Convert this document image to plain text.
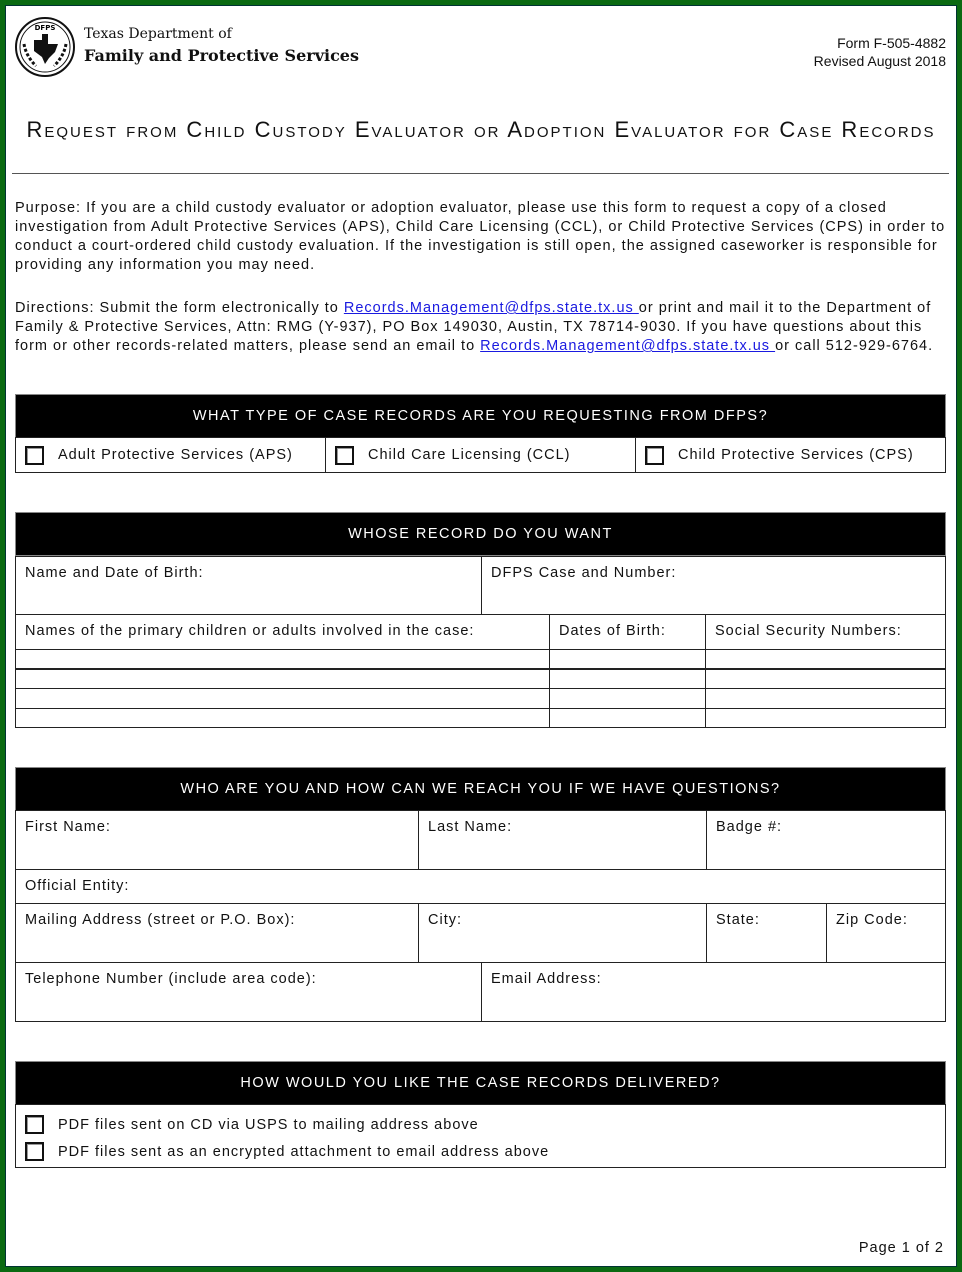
DFPS Texas Department of
Family and Protective Services
Form F-505-4882
Revised August 2018
Request from Child Custody Evaluator or Adoption Evaluator for Case Records
Purpose: If you are a child custody evaluator or adoption evaluator, please use this form to request a copy of a closed investigation from Adult Protective Services (APS), Child Care Licensing (CCL), or Child Protective Services (CPS) in order to conduct a court-ordered child custody evaluation. If the investigation is still open, the assigned caseworker is responsible for providing any information you may need.
Directions: Submit the form electronically to Records.Management@dfps.state.tx.us or print and mail it to the Department of Family & Protective Services, Attn: RMG (Y-937), PO Box 149030, Austin, TX 78714-9030. If you have questions about this form or other records-related matters, please send an email to Records.Management@dfps.state.tx.us or call 512-929-6764.
WHAT TYPE OF CASE RECORDS ARE YOU REQUESTING FROM DFPS?
Adult Protective Services (APS)	Child Care Licensing (CCL)	Child Protective Services (CPS)
WHOSE RECORD DO YOU WANT
Name and Date of Birth:	DFPS Case and Number:
Names of the primary children or adults involved in the case:	Dates of Birth:	Social Security Numbers:
WHO ARE YOU AND HOW CAN WE REACH YOU IF WE HAVE QUESTIONS?
First Name:	Last Name:	Badge #:
Official Entity:
Mailing Address (street or P.O. Box):	City:	State:	Zip Code:
Telephone Number (include area code):	Email Address:
HOW WOULD YOU LIKE THE CASE RECORDS DELIVERED?
PDF files sent on CD via USPS to mailing address above
PDF files sent as an encrypted attachment to email address above
Page 1 of 2
